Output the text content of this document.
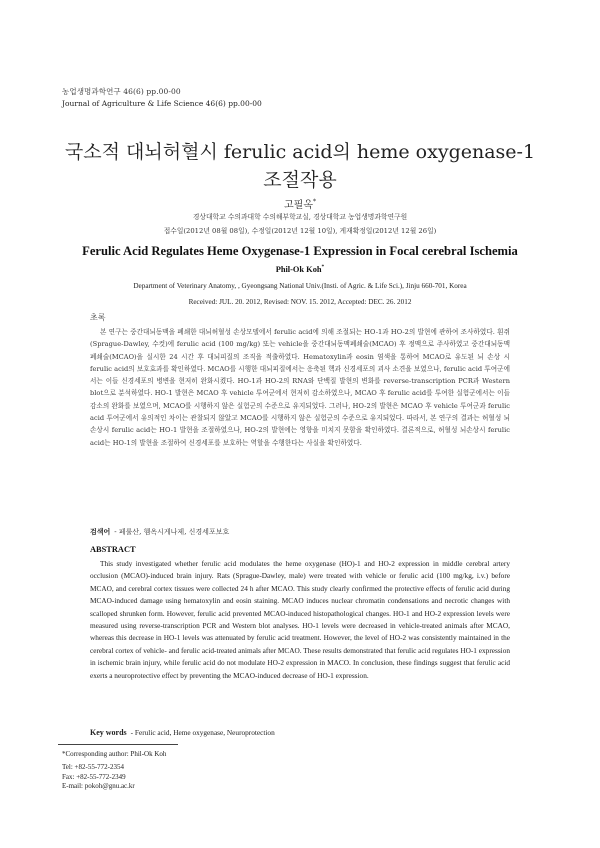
농업생명과학연구 46(6) pp.00-00
Journal of Agriculture & Life Science 46(6) pp.00-00
국소적 대뇌허혈시 ferulic acid의 heme oxygenase-1 조절작용
고필옥*
경상대학교 수의과대학 수의해부학교실, 경상대학교 농업생명과학연구원
접수일(2012년 08월 08일), 수정일(2012년 12월 10일), 게재확정일(2012년 12월 26일)
Ferulic Acid Regulates Heme Oxygenase-1 Expression in Focal cerebral Ischemia
Phil-Ok Koh*
Department of Veterinary Anatomy, , Gyeongsang National Univ.(Insti. of Agric. & Life Sci.), Jinju 660-701, Korea
Received: JUL. 20. 2012, Revised: NOV. 15. 2012, Accepted: DEC. 26. 2012
초록
본 연구는 중간대뇌동맥을 폐쇄한 대뇌허혈성 손상모델에서 ferulic acid에 의해 조절되는 HO-1과 HO-2의 발현에 관하여 조사하였다. 흰쥐(Sprague-Dawley, 수컷)에 ferulic acid (100 mg/kg) 또는 vehicle을 중간대뇌동맥폐쇄술(MCAO) 후 정맥으로 주사하였고 중간대뇌동맥폐쇄술(MCAO)을 실시한 24 시간 후 대뇌피질의 조직을 적출하였다. Hematoxylin과 eosin 염색을 통하여 MCAO로 유도된 뇌 손상 시 ferulic acid의 보호효과를 확인하였다. MCAO를 시행한 대뇌피질에서는 응축된 핵과 신경세포의 괴사 소견을 보였으나, ferulic acid 투여군에서는 이들 신경세포의 병변을 현저히 완화시켰다. HO-1과 HO-2의 RNA와 단백질 발현의 변화를 reverse-transcription PCR과 Western blot으로 분석하였다. HO-1 발현은 MCAO 후 vehicle 투여군에서 현저히 감소하였으나, MCAO 후 ferulic acid를 투여한 실험군에서는 이들 감소의 완화를 보였으며, MCAO를 시행하지 않은 실험군의 수준으로 유지되었다. 그러나, HO-2의 발현은 MCAO 후 vehicle 투여군과 ferulic acid 투여군에서 유의적인 차이는 관찰되지 않았고 MCAO를 시행하지 않은 실험군의 수준으로 유지되었다. 따라서, 본 연구의 결과는 허혈성 뇌 손상시 ferulic acid는 HO-1 발현을 조절하였으나, HO-2의 발현에는 영향을 미치지 못함을 확인하였다. 결론적으로, 허혈성 뇌손상시 ferulic acid는 HO-1의 발현을 조절하여 신경세포를 보호하는 역할을 수행한다는 사실을 확인하였다.
검색어 - 페룰산, 헴옥시게나제, 신경세포보호
ABSTRACT
This study investigated whether ferulic acid modulates the heme oxygenase (HO)-1 and HO-2 expression in middle cerebral artery occlusion (MCAO)-induced brain injury. Rats (Sprague-Dawley, male) were treated with vehicle or ferulic acid (100 mg/kg, i.v.) before MCAO, and cerebral cortex tissues were collected 24 h after MCAO. This study clearly confirmed the protective effects of ferulic acid during MCAO-induced damage using hematoxylin and eosin staining. MCAO induces nuclear chromatin condensations and necrotic changes with scalloped shrunken form. However, ferulic acid prevented MCAO-induced histopathological changes. HO-1 and HO-2 expression levels were measured using reverse-transcription PCR and Western blot analyses. HO-1 levels were decreased in vehicle-treated animals after MCAO, whereas this decrease in HO-1 levels was attenuated by ferulic acid treatment. However, the level of HO-2 was consistently maintained in the cerebral cortex of vehicle- and ferulic acid-treated animals after MCAO. These results demonstrated that ferulic acid regulates HO-1 expression in ischemic brain injury, while ferulic acid do not modulate HO-2 expression in MACO. In conclusion, these findings suggest that ferulic acid exerts a neuroprotective effect by preventing the MCAO-induced decrease of HO-1 expression.
Key words - Ferulic acid, Heme oxygenase, Neuroprotection
*Corresponding author: Phil-Ok Koh
Tel: +82-55-772-2354
Fax: +82-55-772-2349
E-mail: pokoh@gnu.ac.kr
